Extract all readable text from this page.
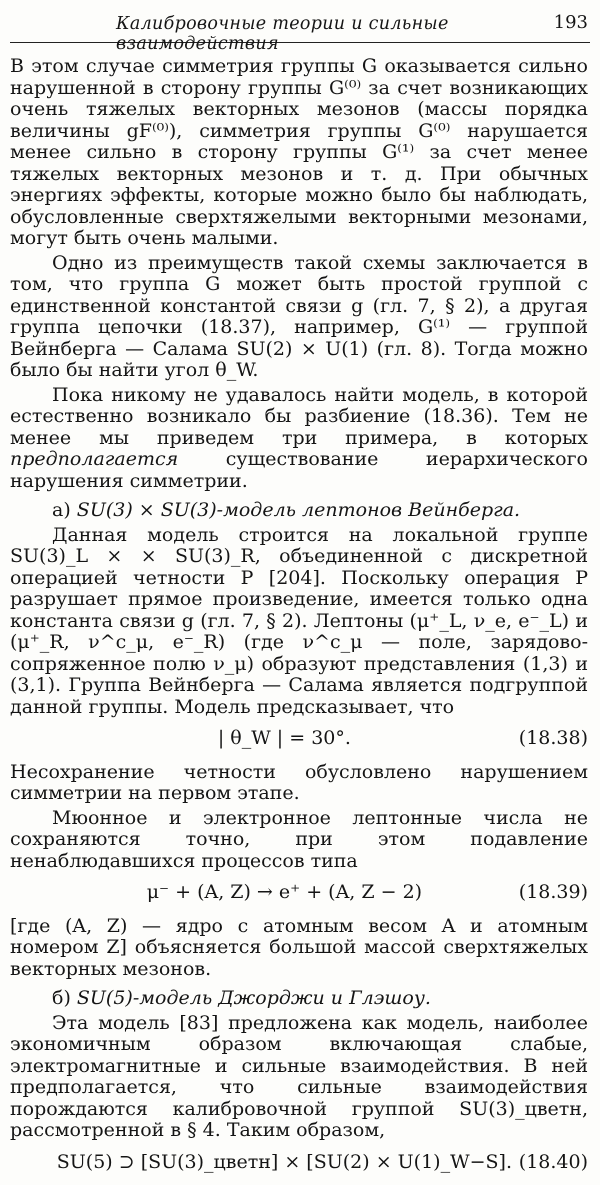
Калибровочные теории и сильные взаимодействия
193

В этом случае симметрия группы G оказывается сильно нарушенной в сторону группы G⁽⁰⁾ за счет возникающих очень тяжелых векторных мезонов (массы порядка величины gF⁽⁰⁾), симметрия группы G⁽⁰⁾ нарушается менее сильно в сторону группы G⁽¹⁾ за счет менее тяжелых векторных мезонов и т. д. При обычных энергиях эффекты, которые можно было бы наблюдать, обусловленные сверхтяжелыми векторными мезонами, могут быть очень малыми.

Одно из преимуществ такой схемы заключается в том, что группа G может быть простой группой с единственной константой связи g (гл. 7, § 2), а другая группа цепочки (18.37), например, G⁽¹⁾ — группой Вейнберга — Салама SU(2) × U(1) (гл. 8). Тогда можно было бы найти угол θ_W.

Пока никому не удавалось найти модель, в которой естественно возникало бы разбиение (18.36). Тем не менее мы приведем три примера, в которых предполагается	существование иерархического нарушения симметрии.

а) SU(3) × SU(3)-модель лептонов Вейнберга.

Данная модель строится на локальной группе SU(3)_L × × SU(3)_R, объединенной с дискретной операцией четности P [204]. Поскольку операция P разрушает прямое произведение, имеется только одна константа связи g (гл. 7, § 2). Лептоны (μ⁺_L, ν_e, e⁻_L) и (μ⁺_R, ν^c_μ, e⁻_R) (где ν^c_μ — поле, зарядово-сопряженное полю ν_μ) образуют представления (1,3) и (3,1). Группа Вейнберга — Салама является подгруппой данной группы. Модель предсказывает, что

| θ_W | = 30°.	(18.38)

Несохранение четности обусловлено нарушением симметрии на первом этапе.

Мюонное и электронное лептонные числа не сохраняются точно, при этом подавление ненаблюдавшихся процессов типа

μ⁻ + (A, Z) → e⁺ + (A, Z − 2)	(18.39)

[где (A, Z) — ядро с атомным весом A и атомным номером Z] объясняется большой массой сверхтяжелых векторных мезонов.

б) SU(5)-модель Джорджи и Глэшоу.

Эта модель [83] предложена как модель, наиболее экономичным образом включающая слабые, электромагнитные и сильные взаимодействия. В ней предполагается, что сильные взаимодействия порождаются калибровочной группой SU(3)_цветн, рассмотренной в § 4. Таким образом,

SU(5) ⊃ [SU(3)_цветн] × [SU(2) × U(1)_W−S]. (18.40)
